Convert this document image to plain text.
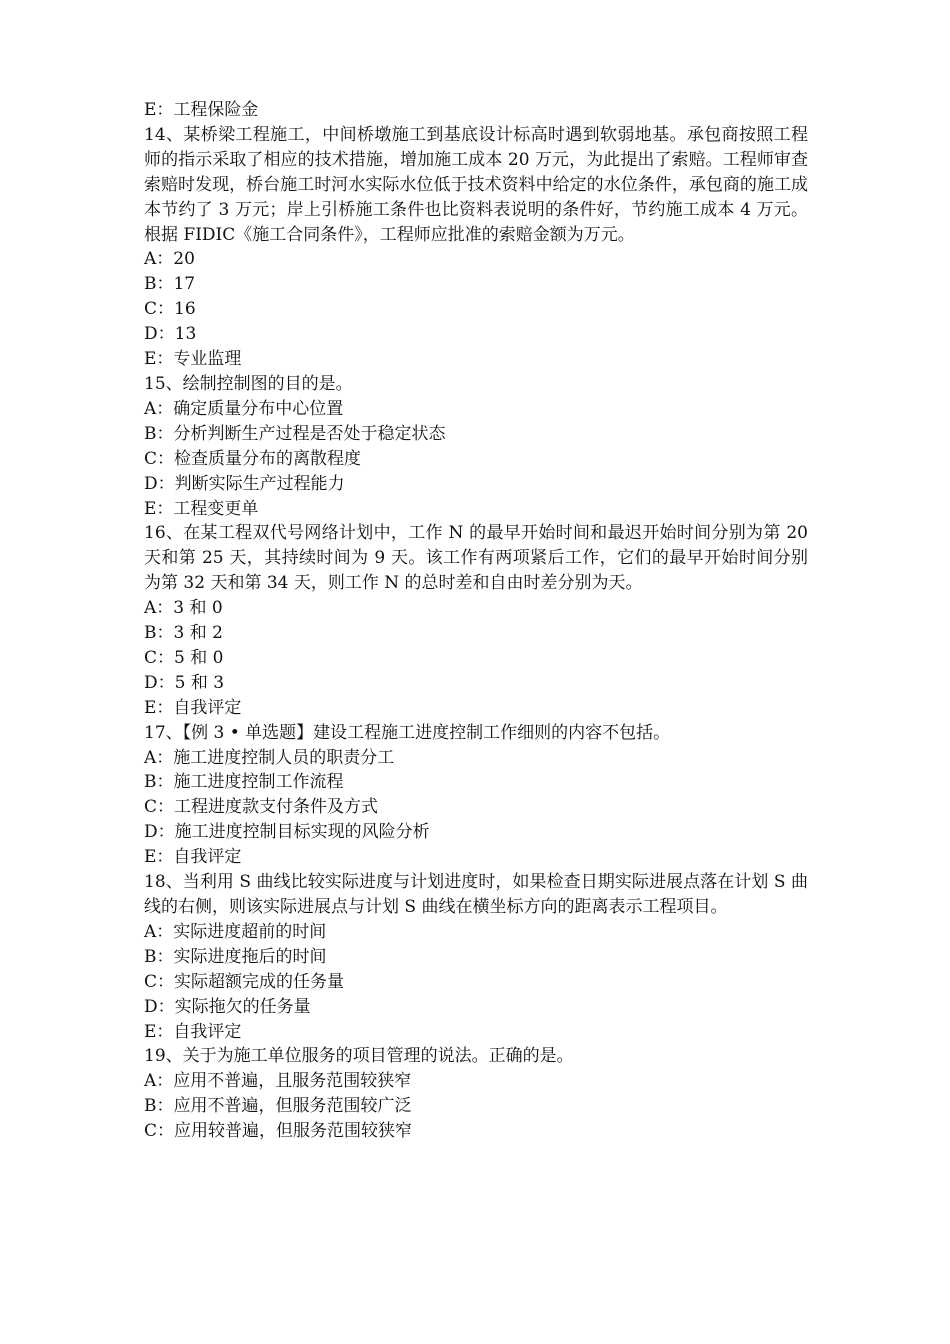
E：工程保险金
14、某桥梁工程施工，中间桥墩施工到基底设计标高时遇到软弱地基。承包商按照工程师的指示采取了相应的技术措施，增加施工成本 20 万元，为此提出了索赔。工程师审查索赔时发现，桥台施工时河水实际水位低于技术资料中给定的水位条件，承包商的施工成本节约了 3 万元；岸上引桥施工条件也比资料表说明的条件好，节约施工成本 4 万元。根据 FIDIC《施工合同条件》，工程师应批准的索赔金额为万元。
A：20
B：17
C：16
D：13
E：专业监理
15、绘制控制图的目的是。
A：确定质量分布中心位置
B：分析判断生产过程是否处于稳定状态
C：检查质量分布的离散程度
D：判断实际生产过程能力
E：工程变更单
16、在某工程双代号网络计划中，工作 N 的最早开始时间和最迟开始时间分别为第 20 天和第 25 天，其持续时间为 9 天。该工作有两项紧后工作，它们的最早开始时间分别为第 32 天和第 34 天，则工作 N 的总时差和自由时差分别为天。
A：3 和 0
B：3 和 2
C：5 和 0
D：5 和 3
E：自我评定
17、【例 3 • 单选题】建设工程施工进度控制工作细则的内容不包括。
A：施工进度控制人员的职责分工
B：施工进度控制工作流程
C：工程进度款支付条件及方式
D：施工进度控制目标实现的风险分析
E：自我评定
18、当利用 S 曲线比较实际进度与计划进度时，如果检查日期实际进展点落在计划 S 曲线的右侧，则该实际进展点与计划 S 曲线在横坐标方向的距离表示工程项目。
A：实际进度超前的时间
B：实际进度拖后的时间
C：实际超额完成的任务量
D：实际拖欠的任务量
E：自我评定
19、关于为施工单位服务的项目管理的说法。正确的是。
A：应用不普遍，且服务范围较狭窄
B：应用不普遍，但服务范围较广泛
C：应用较普遍，但服务范围较狭窄
